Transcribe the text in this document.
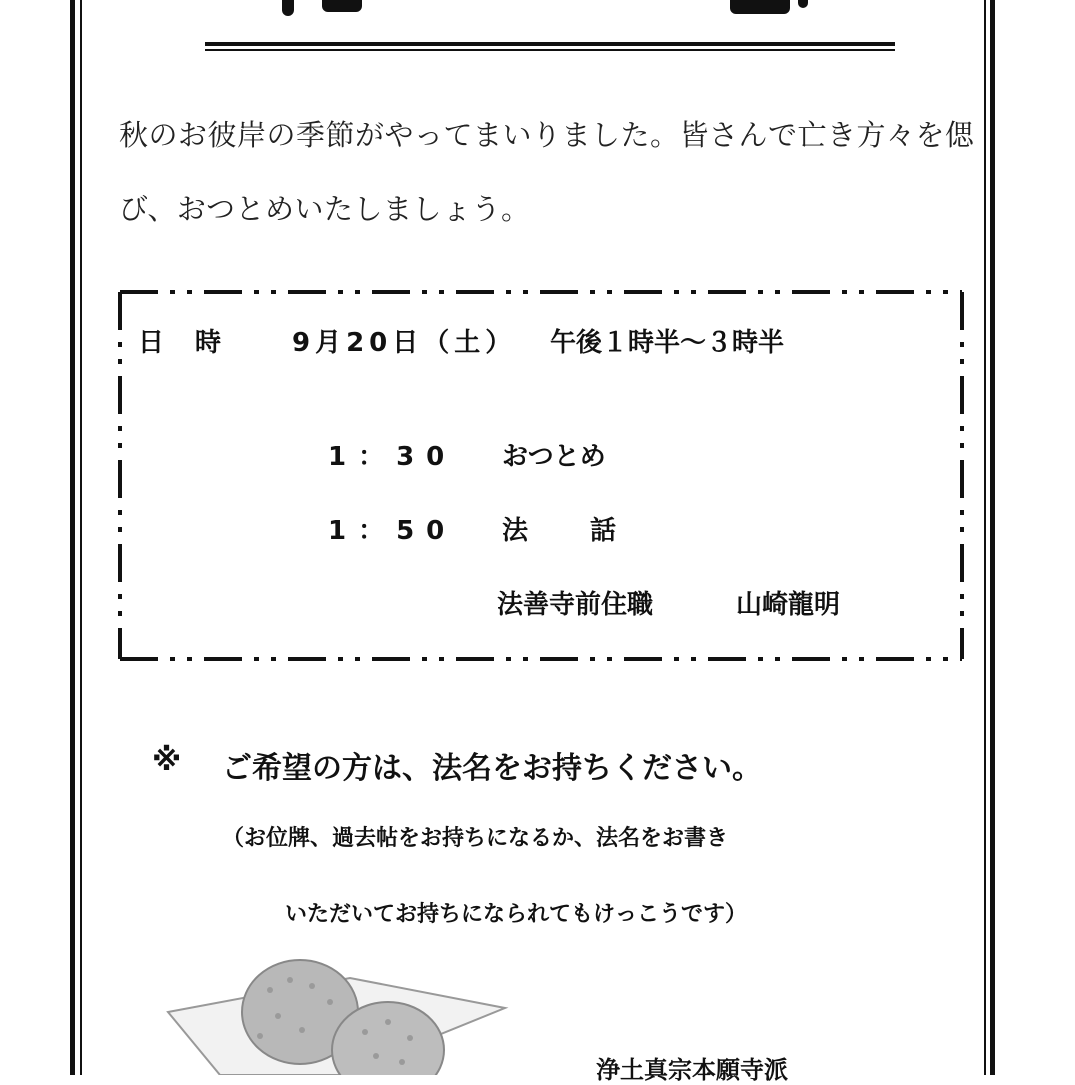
秋のお彼岸の季節がやってまいりました。皆さんで亡き方々を偲

び、おつとめいたしましょう。

日 時	9月20日（土） 午後１時半～３時半
1：30 おつとめ
1：50 法 話
法善寺前住職	山崎龍明
※ ご希望の方は、法名をお持ちください。
（お位牌、過去帖をお持ちになるか、法名をお書き
いただいてお持ちになられてもけっこうです）
浄土真宗本願寺派
